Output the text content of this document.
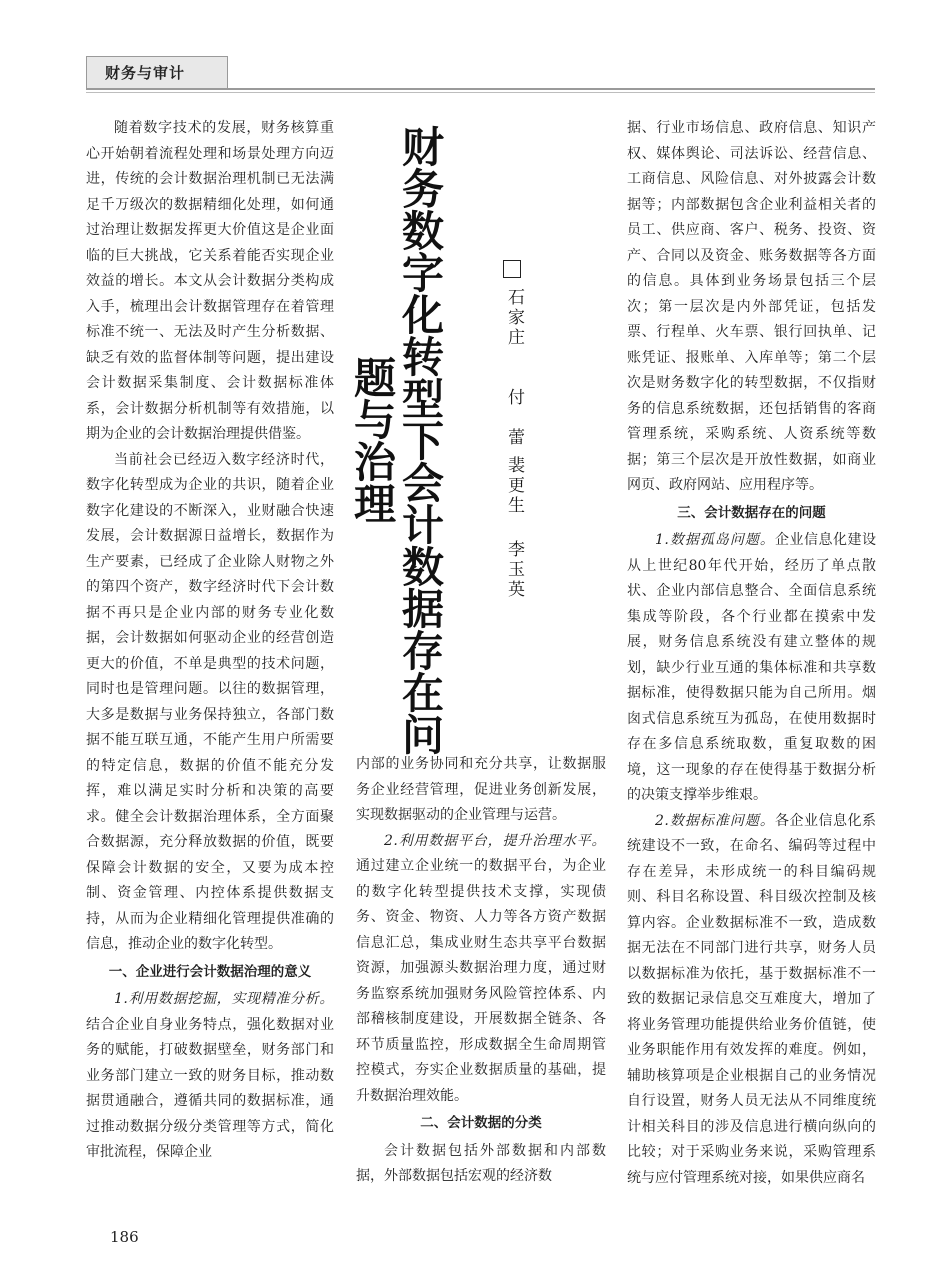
财务与审计

随着数字技术的发展，财务核算重心开始朝着流程处理和场景处理方向迈进，传统的会计数据治理机制已无法满足千万级次的数据精细化处理，如何通过治理让数据发挥更大价值这是企业面临的巨大挑战，它关系着能否实现企业效益的增长。本文从会计数据分类构成入手，梳理出会计数据管理存在着管理标准不统一、无法及时产生分析数据、缺乏有效的监督体制等问题，提出建设会计数据采集制度、会计数据标准体系，会计数据分析机制等有效措施，以期为企业的会计数据治理提供借鉴。

当前社会已经迈入数字经济时代，数字化转型成为企业的共识，随着企业数字化建设的不断深入，业财融合快速发展，会计数据源日益增长，数据作为生产要素，已经成了企业除人财物之外的第四个资产，数字经济时代下会计数据不再只是企业内部的财务专业化数据，会计数据如何驱动企业的经营创造更大的价值，不单是典型的技术问题，同时也是管理问题。以往的数据管理，大多是数据与业务保持独立，各部门数据不能互联互通，不能产生用户所需要的特定信息，数据的价值不能充分发挥，难以满足实时分析和决策的高要求。健全会计数据治理体系，全方面聚合数据源，充分释放数据的价值，既要保障会计数据的安全，又要为成本控制、资金管理、内控体系提供数据支持，从而为企业精细化管理提供准确的信息，推动企业的数字化转型。

一、企业进行会计数据治理的意义

1.利用数据挖掘，实现精准分析。结合企业自身业务特点，强化数据对业务的赋能，打破数据壁垒，财务部门和业务部门建立一致的财务目标，推动数据贯通融合，遵循共同的数据标准，通过推动数据分级分类管理等方式，简化审批流程，保障企业

财务数字化转型下会计数据存在问题与治理
石家庄
付　蕾
裴更生
李玉英

内部的业务协同和充分共享，让数据服务企业经营管理，促进业务创新发展，实现数据驱动的企业管理与运营。

2.利用数据平台，提升治理水平。通过建立企业统一的数据平台，为企业的数字化转型提供技术支撑，实现债务、资金、物资、人力等各方资产数据信息汇总，集成业财生态共享平台数据资源，加强源头数据治理力度，通过财务监察系统加强财务风险管控体系、内部稽核制度建设，开展数据全链条、各环节质量监控，形成数据全生命周期管控模式，夯实企业数据质量的基础，提升数据治理效能。

二、会计数据的分类

会计数据包括外部数据和内部数据，外部数据包括宏观的经济数

据、行业市场信息、政府信息、知识产权、媒体舆论、司法诉讼、经营信息、工商信息、风险信息、对外披露会计数据等；内部数据包含企业利益相关者的员工、供应商、客户、税务、投资、资产、合同以及资金、账务数据等各方面的信息。具体到业务场景包括三个层次；第一层次是内外部凭证，包括发票、行程单、火车票、银行回执单、记账凭证、报账单、入库单等；第二个层次是财务数字化的转型数据，不仅指财务的信息系统数据，还包括销售的客商管理系统，采购系统、人资系统等数据；第三个层次是开放性数据，如商业网页、政府网站、应用程序等。

三、会计数据存在的问题

1.数据孤岛问题。企业信息化建设从上世纪80年代开始，经历了单点散状、企业内部信息整合、全面信息系统集成等阶段，各个行业都在摸索中发展，财务信息系统没有建立整体的规划，缺少行业互通的集体标准和共享数据标准，使得数据只能为自己所用。烟囱式信息系统互为孤岛，在使用数据时存在多信息系统取数，重复取数的困境，这一现象的存在使得基于数据分析的决策支撑举步维艰。

2.数据标准问题。各企业信息化系统建设不一致，在命名、编码等过程中存在差异，未形成统一的科目编码规则、科目名称设置、科目级次控制及核算内容。企业数据标准不一致，造成数据无法在不同部门进行共享，财务人员以数据标准为依托，基于数据标准不一致的数据记录信息交互难度大，增加了将业务管理功能提供给业务价值链，使业务职能作用有效发挥的难度。例如，辅助核算项是企业根据自己的业务情况自行设置，财务人员无法从不同维度统计相关科目的涉及信息进行横向纵向的比较；对于采购业务来说，采购管理系统与应付管理系统对接，如果供应商名

186
